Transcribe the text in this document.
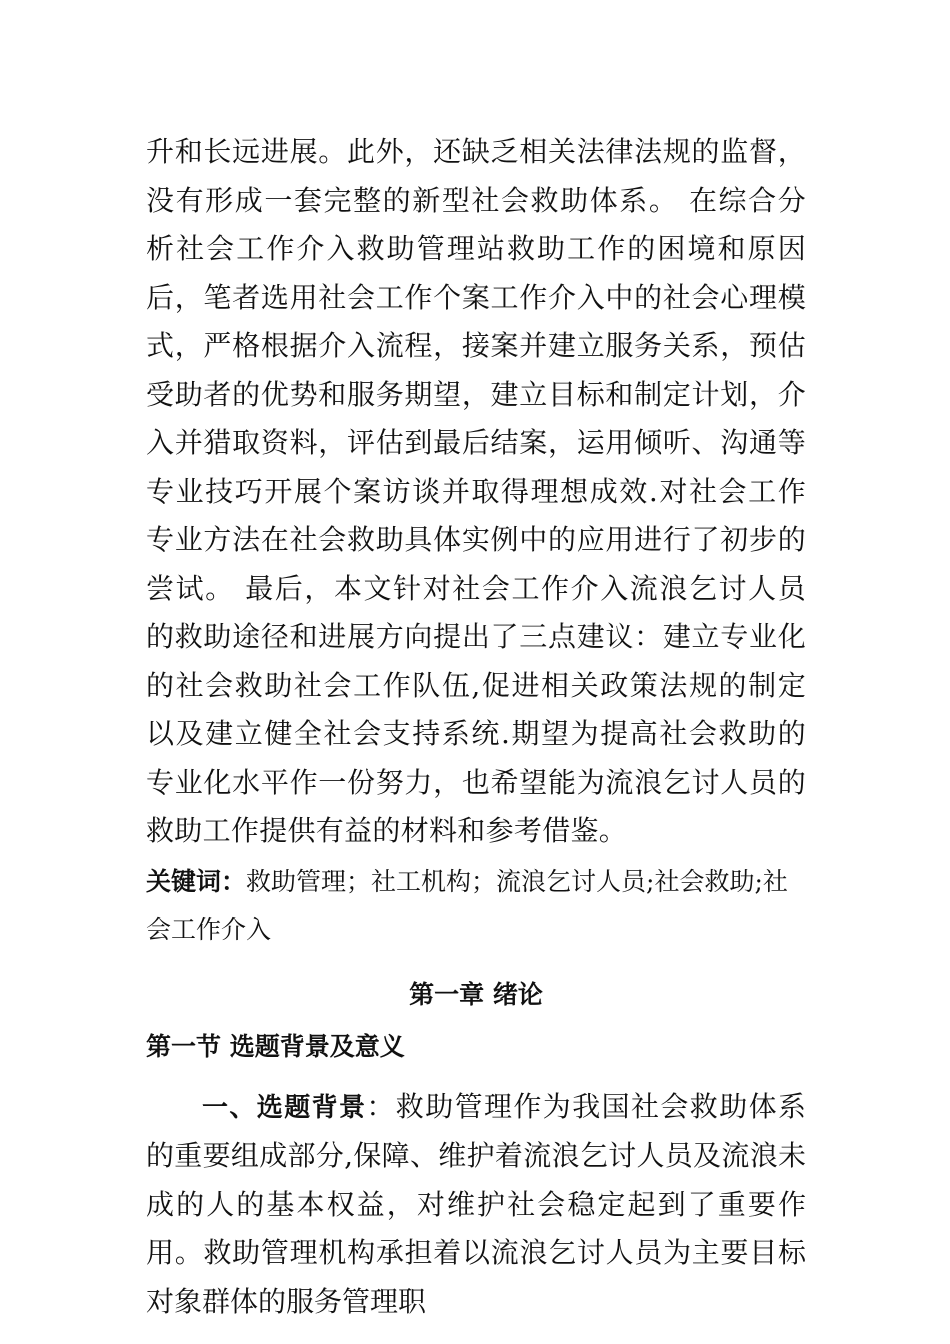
升和长远进展。此外，还缺乏相关法律法规的监督，没有形成一套完整的新型社会救助体系。 在综合分析社会工作介入救助管理站救助工作的困境和原因后，笔者选用社会工作个案工作介入中的社会心理模式，严格根据介入流程，接案并建立服务关系，预估受助者的优势和服务期望，建立目标和制定计划，介入并猎取资料，评估到最后结案，运用倾听、沟通等专业技巧开展个案访谈并取得理想成效.对社会工作专业方法在社会救助具体实例中的应用进行了初步的尝试。 最后，本文针对社会工作介入流浪乞讨人员的救助途径和进展方向提出了三点建议：建立专业化的社会救助社会工作队伍,促进相关政策法规的制定以及建立健全社会支持系统.期望为提高社会救助的专业化水平作一份努力，也希望能为流浪乞讨人员的救助工作提供有益的材料和参考借鉴。

关键词：救助管理；社工机构；流浪乞讨人员;社会救助;社会工作介入

第一章 绪论
第一节 选题背景及意义

一、选题背景：救助管理作为我国社会救助体系的重要组成部分,保障、维护着流浪乞讨人员及流浪未成的人的基本权益，对维护社会稳定起到了重要作用。救助管理机构承担着以流浪乞讨人员为主要目标对象群体的服务管理职
